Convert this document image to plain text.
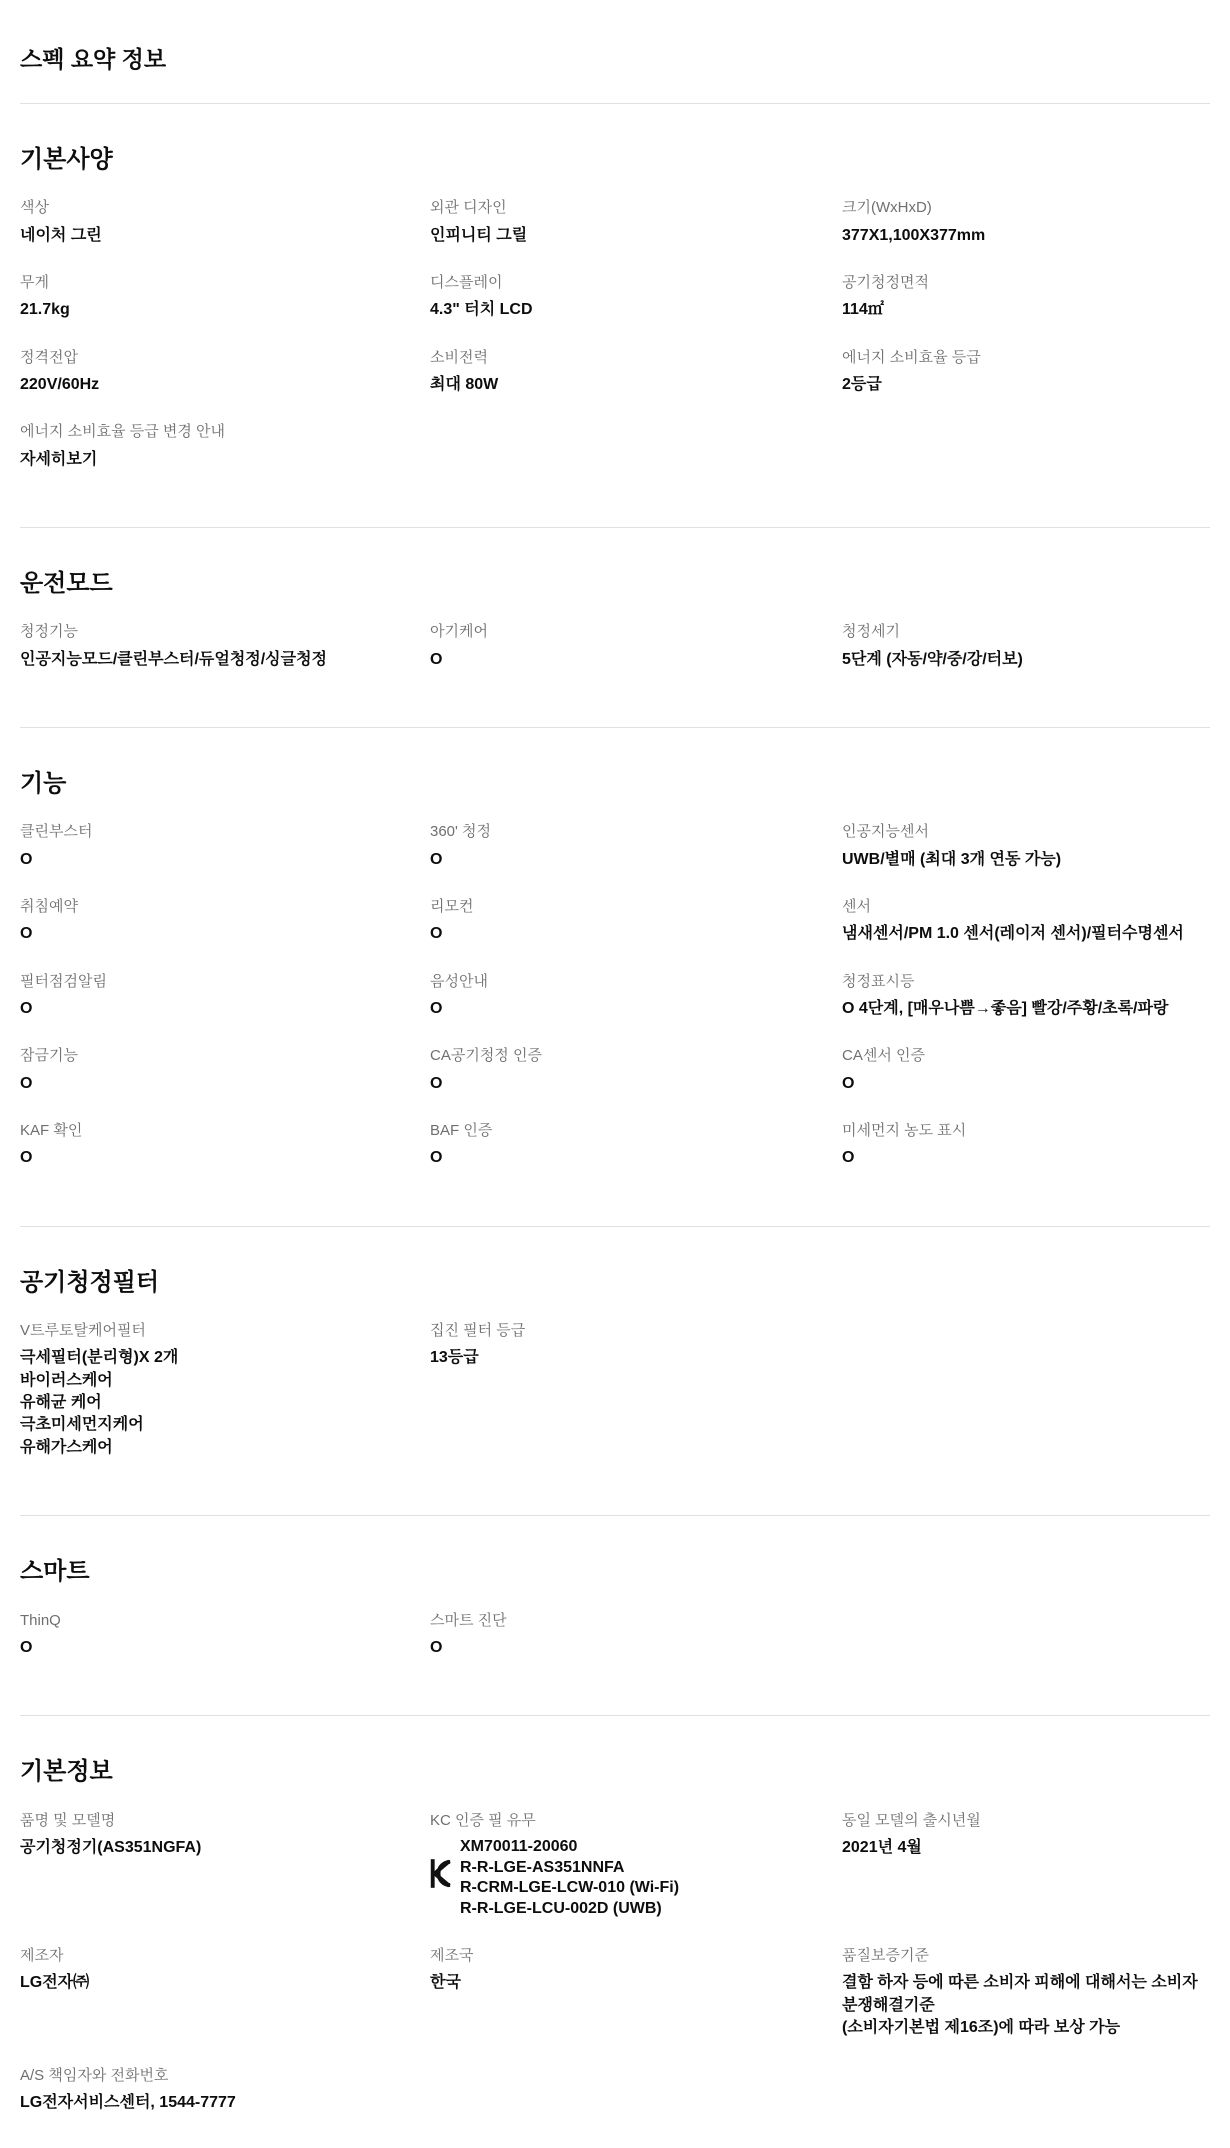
스펙 요약 정보
기본사양
색상
네이처 그린
외관 디자인
인피니티 그릴
크기(WxHxD)
377X1,100X377mm
무게
21.7kg
디스플레이
4.3" 터치 LCD
공기청정면적
114㎡
정격전압
220V/60Hz
소비전력
최대 80W
에너지 소비효율 등급
2등급
에너지 소비효율 등급 변경 안내
자세히보기
운전모드
청정기능
인공지능모드/클린부스터/듀얼청정/싱글청정
아기케어
O
청정세기
5단계 (자동/약/중/강/터보)
기능
클린부스터
O
360' 청정
O
인공지능센서
UWB/별매 (최대 3개 연동 가능)
취침예약
O
리모컨
O
센서
냄새센서/PM 1.0 센서(레이저 센서)/필터수명센서
필터점검알림
O
음성안내
O
청정표시등
O 4단계, [매우나쁨→좋음] 빨강/주황/초록/파랑
잠금기능
O
CA공기청정 인증
O
CA센서 인증
O
KAF 확인
O
BAF 인증
O
미세먼지 농도 표시
O
공기청정필터
V트루토탈케어필터
극세필터(분리형)X 2개
바이러스케어
유해균 케어
극초미세먼지케어
유해가스케어
집진 필터 등급
13등급
스마트
ThinQ
O
스마트 진단
O
기본정보
품명 및 모델명
공기청정기(AS351NGFA)
KC 인증 필 유무
XM70011-20060
R-R-LGE-AS351NNFA
R-CRM-LGE-LCW-010 (Wi-Fi)
R-R-LGE-LCU-002D (UWB)
동일 모델의 출시년월
2021년 4월
제조자
LG전자㈜
제조국
한국
품질보증기준
결함 하자 등에 따른 소비자 피해에 대해서는 소비자 분쟁해결기준
(소비자기본법 제16조)에 따라 보상 가능
A/S 책임자와 전화번호
LG전자서비스센터, 1544-7777
